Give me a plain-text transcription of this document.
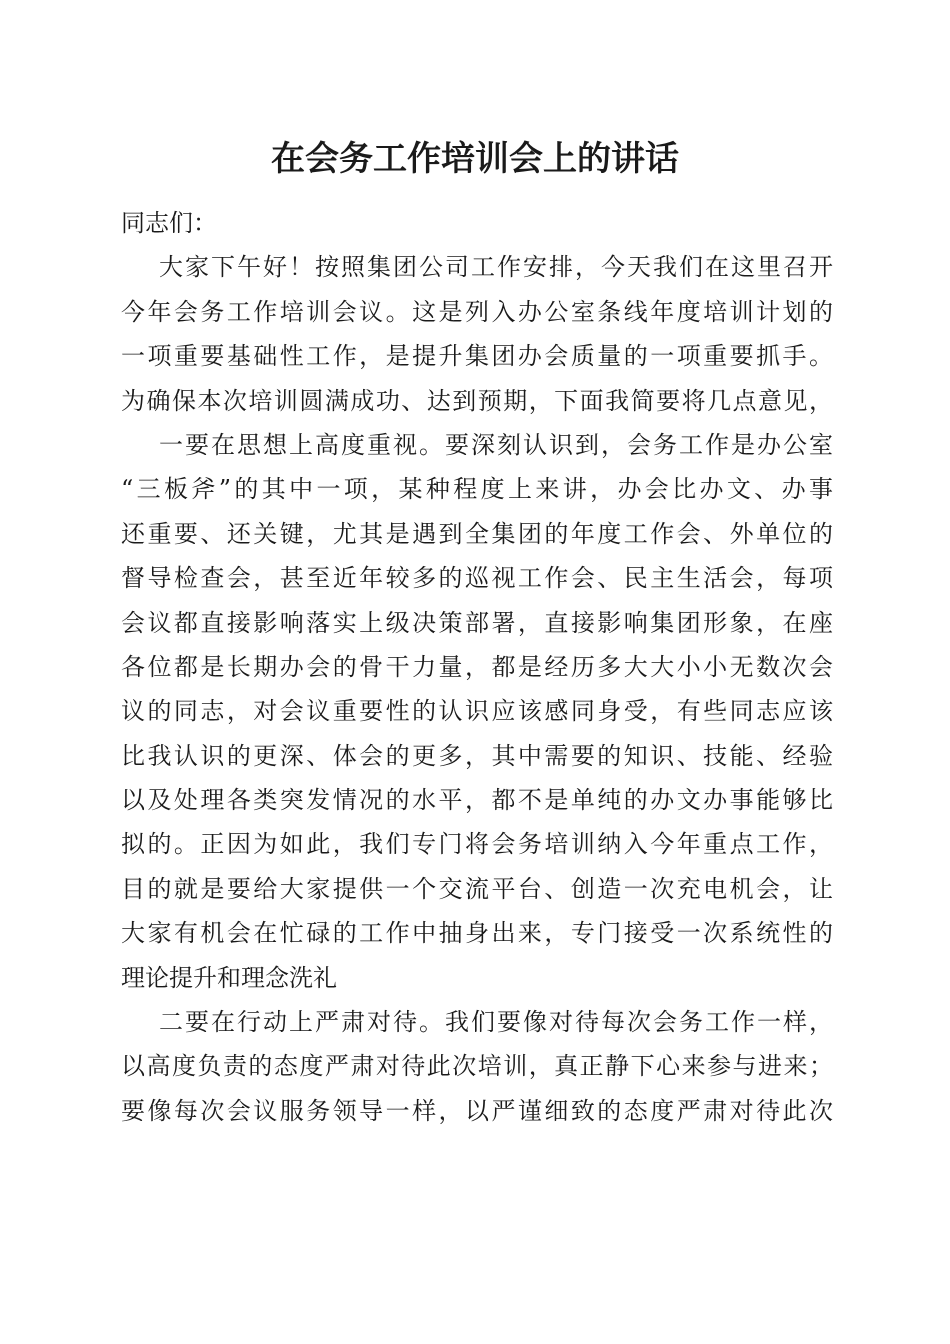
在会务工作培训会上的讲话
同志们：
大家下午好！按照集团公司工作安排，今天我们在这里召开
今年会务工作培训会议。这是列入办公室条线年度培训计划的
一项重要基础性工作，是提升集团办会质量的一项重要抓手。
为确保本次培训圆满成功、达到预期，下面我简要将几点意见，
一要在思想上高度重视。要深刻认识到，会务工作是办公室
“三板斧”的其中一项，某种程度上来讲，办会比办文、办事
还重要、还关键，尤其是遇到全集团的年度工作会、外单位的
督导检查会，甚至近年较多的巡视工作会、民主生活会，每项
会议都直接影响落实上级决策部署，直接影响集团形象，在座
各位都是长期办会的骨干力量，都是经历多大大小小无数次会
议的同志，对会议重要性的认识应该感同身受，有些同志应该
比我认识的更深、体会的更多，其中需要的知识、技能、经验
以及处理各类突发情况的水平，都不是单纯的办文办事能够比
拟的。正因为如此，我们专门将会务培训纳入今年重点工作，
目的就是要给大家提供一个交流平台、创造一次充电机会，让
大家有机会在忙碌的工作中抽身出来，专门接受一次系统性的
理论提升和理念洗礼
二要在行动上严肃对待。我们要像对待每次会务工作一样，
以高度负责的态度严肃对待此次培训，真正静下心来参与进来；
要像每次会议服务领导一样，以严谨细致的态度严肃对待此次
